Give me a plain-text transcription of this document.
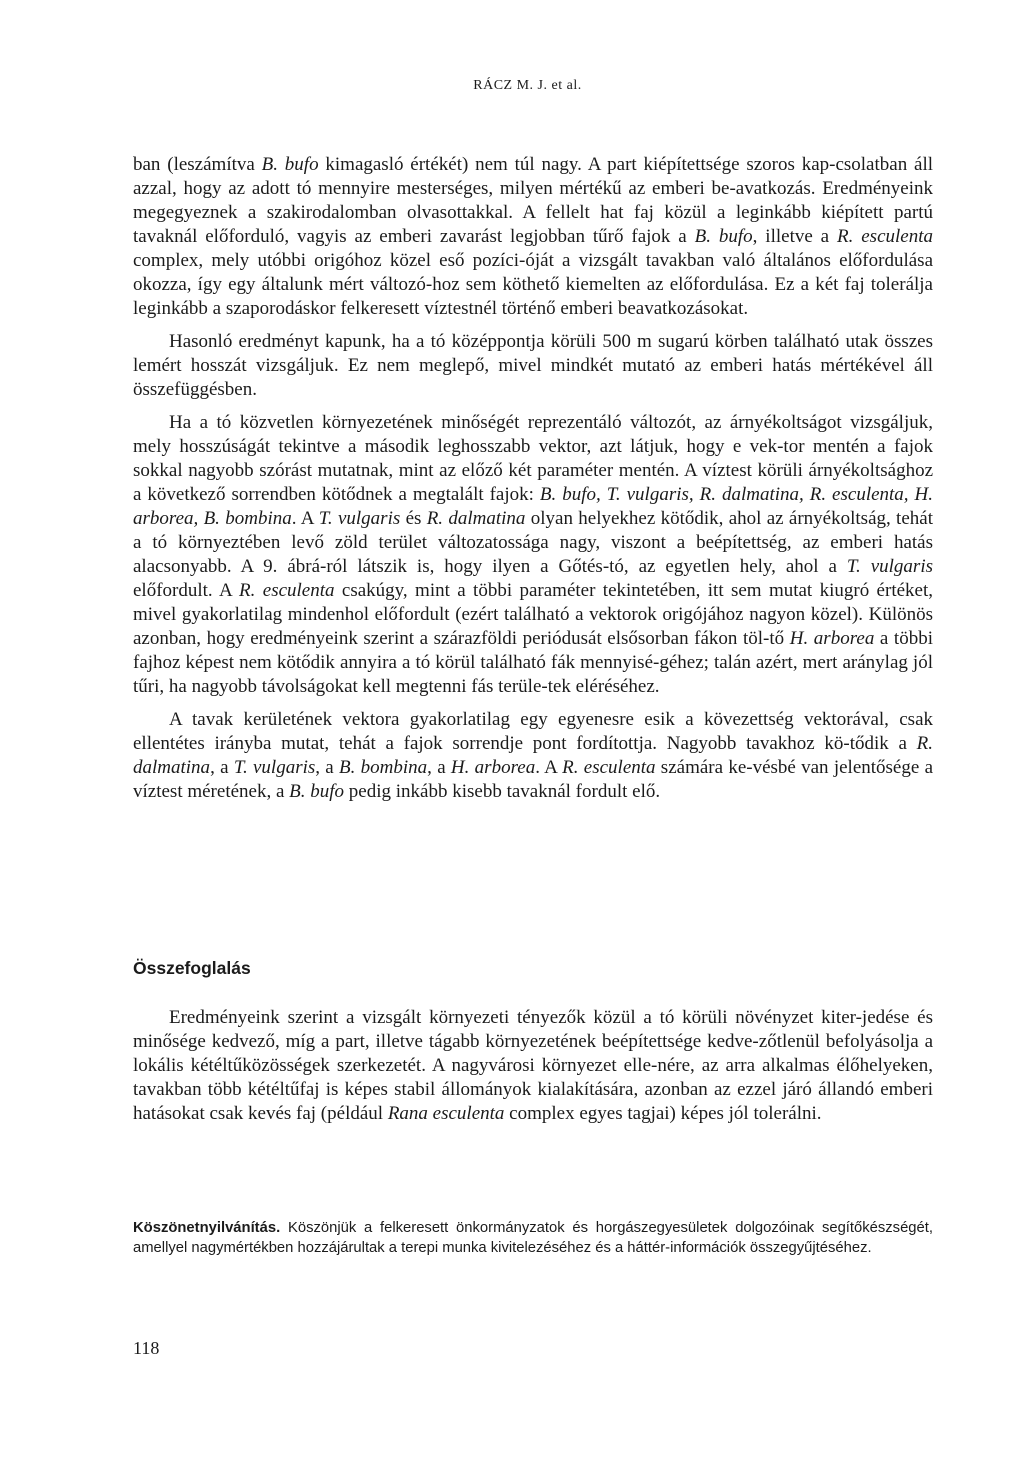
RÁCZ M. J. et al.

ban (leszámítva B. bufo kimagasló értékét) nem túl nagy. A part kiépítettsége szoros kap-csolatban áll azzal, hogy az adott tó mennyire mesterséges, milyen mértékű az emberi be-avatkozás. Eredményeink megegyeznek a szakirodalomban olvasottakkal. A fellelt hat faj közül a leginkább kiépített partú tavaknál előforduló, vagyis az emberi zavarást legjobban tűrő fajok a B. bufo, illetve a R. esculenta complex, mely utóbbi origóhoz közel eső pozíci-óját a vizsgált tavakban való általános előfordulása okozza, így egy általunk mért változó-hoz sem köthető kiemelten az előfordulása. Ez a két faj tolerálja leginkább a szaporodáskor felkeresett víztestnél történő emberi beavatkozásokat.

Hasonló eredményt kapunk, ha a tó középpontja körüli 500 m sugarú körben található utak összes lemért hosszát vizsgáljuk. Ez nem meglepő, mivel mindkét mutató az emberi hatás mértékével áll összefüggésben.

Ha a tó közvetlen környezetének minőségét reprezentáló változót, az árnyékoltságot vizsgáljuk, mely hosszúságát tekintve a második leghosszabb vektor, azt látjuk, hogy e vek-tor mentén a fajok sokkal nagyobb szórást mutatnak, mint az előző két paraméter mentén. A víztest körüli árnyékoltsághoz a következő sorrendben kötődnek a megtalált fajok: B. bufo, T. vulgaris, R. dalmatina, R. esculenta, H. arborea, B. bombina. A T. vulgaris és R. dalmatina olyan helyekhez kötődik, ahol az árnyékoltság, tehát a tó környeztében levő zöld terület változatossága nagy, viszont a beépítettség, az emberi hatás alacsonyabb. A 9. ábrá-ról látszik is, hogy ilyen a Gőtés-tó, az egyetlen hely, ahol a T. vulgaris előfordult. A R. esculenta csakúgy, mint a többi paraméter tekintetében, itt sem mutat kiugró értéket, mivel gyakorlatilag mindenhol előfordult (ezért található a vektorok origójához nagyon közel). Különös azonban, hogy eredményeink szerint a szárazföldi periódusát elsősorban fákon töl-tő H. arborea a többi fajhoz képest nem kötődik annyira a tó körül található fák mennyisé-géhez; talán azért, mert aránylag jól tűri, ha nagyobb távolságokat kell megtenni fás terüle-tek eléréséhez.

A tavak kerületének vektora gyakorlatilag egy egyenesre esik a kövezettség vektorával, csak ellentétes irányba mutat, tehát a fajok sorrendje pont fordítottja. Nagyobb tavakhoz kö-tődik a R. dalmatina, a T. vulgaris, a B. bombina, a H. arborea. A R. esculenta számára ke-vésbé van jelentősége a víztest méretének, a B. bufo pedig inkább kisebb tavaknál fordult elő.

Összefoglalás

Eredményeink szerint a vizsgált környezeti tényezők közül a tó körüli növényzet kiter-jedése és minősége kedvező, míg a part, illetve tágabb környezetének beépítettsége kedve-zőtlenül befolyásolja a lokális kétéltűközösségek szerkezetét. A nagyvárosi környezet elle-nére, az arra alkalmas élőhelyeken, tavakban több kétéltűfaj is képes stabil állományok kialakítására, azonban az ezzel járó állandó emberi hatásokat csak kevés faj (például Rana esculenta complex egyes tagjai) képes jól tolerálni.

Köszönetnyilvánítás. Köszönjük a felkeresett önkormányzatok és horgászegyesületek dolgozóinak segítőkészségét, amellyel nagymértékben hozzájárultak a terepi munka kivitelezéséhez és a háttér-információk összegyűjtéséhez.
118
